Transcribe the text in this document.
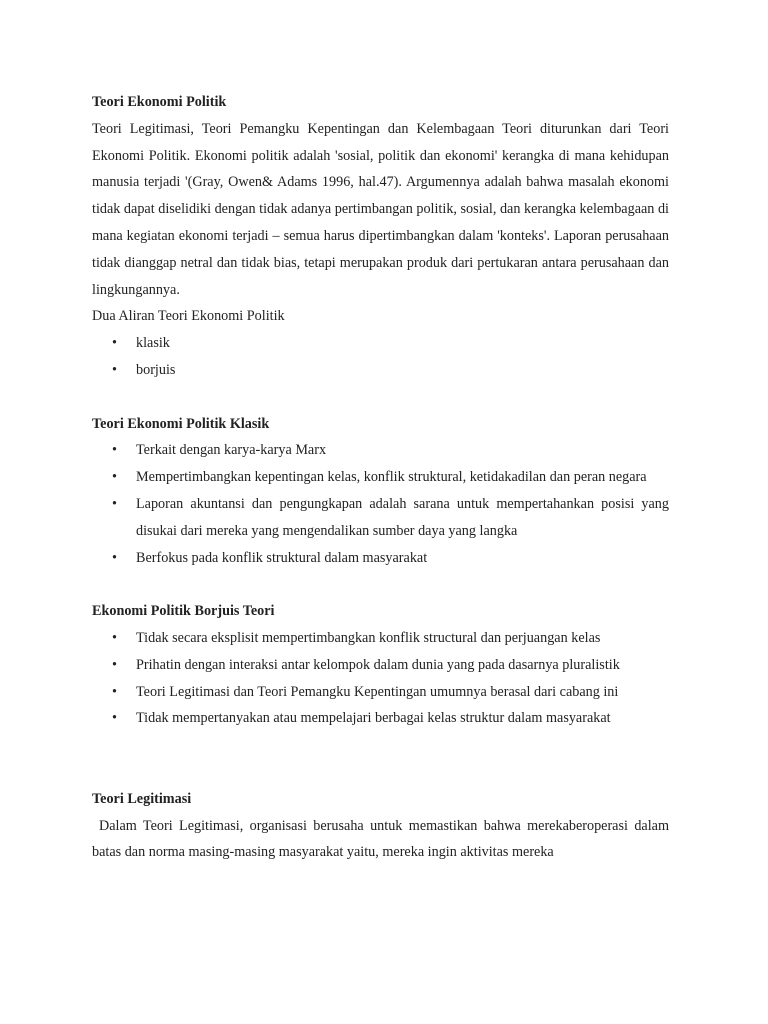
Teori Ekonomi Politik

Teori Legitimasi, Teori Pemangku Kepentingan dan Kelembagaan Teori diturunkan dari Teori Ekonomi Politik. Ekonomi politik adalah 'sosial, politik dan ekonomi' kerangka di mana kehidupan manusia terjadi '(Gray, Owen& Adams 1996, hal.47). Argumennya adalah bahwa masalah ekonomi tidak dapat diselidiki dengan tidak adanya pertimbangan politik, sosial, dan kerangka kelembagaan di mana kegiatan ekonomi terjadi – semua harus dipertimbangkan dalam 'konteks'. Laporan perusahaan tidak dianggap netral dan tidak bias, tetapi merupakan produk dari pertukaran antara perusahaan dan lingkungannya.

Dua Aliran Teori Ekonomi Politik

• klasik
• borjuis

Teori Ekonomi Politik Klasik

• Terkait dengan karya-karya Marx
• Mempertimbangkan kepentingan kelas, konflik struktural, ketidakadilan dan peran negara
• Laporan akuntansi dan pengungkapan adalah sarana untuk mempertahankan posisi yang disukai dari mereka yang mengendalikan sumber daya yang langka
• Berfokus pada konflik struktural dalam masyarakat

Ekonomi Politik Borjuis Teori

• Tidak secara eksplisit mempertimbangkan konflik structural dan perjuangan kelas
• Prihatin dengan interaksi antar kelompok dalam dunia yang pada dasarnya pluralistik
• Teori Legitimasi dan Teori Pemangku Kepentingan umumnya berasal dari cabang ini
• Tidak mempertanyakan atau mempelajari berbagai kelas struktur dalam masyarakat

Teori Legitimasi

Dalam Teori Legitimasi, organisasi berusaha untuk memastikan bahwa merekaberoperasi dalam batas dan norma masing-masing masyarakat yaitu, mereka ingin aktivitas mereka
